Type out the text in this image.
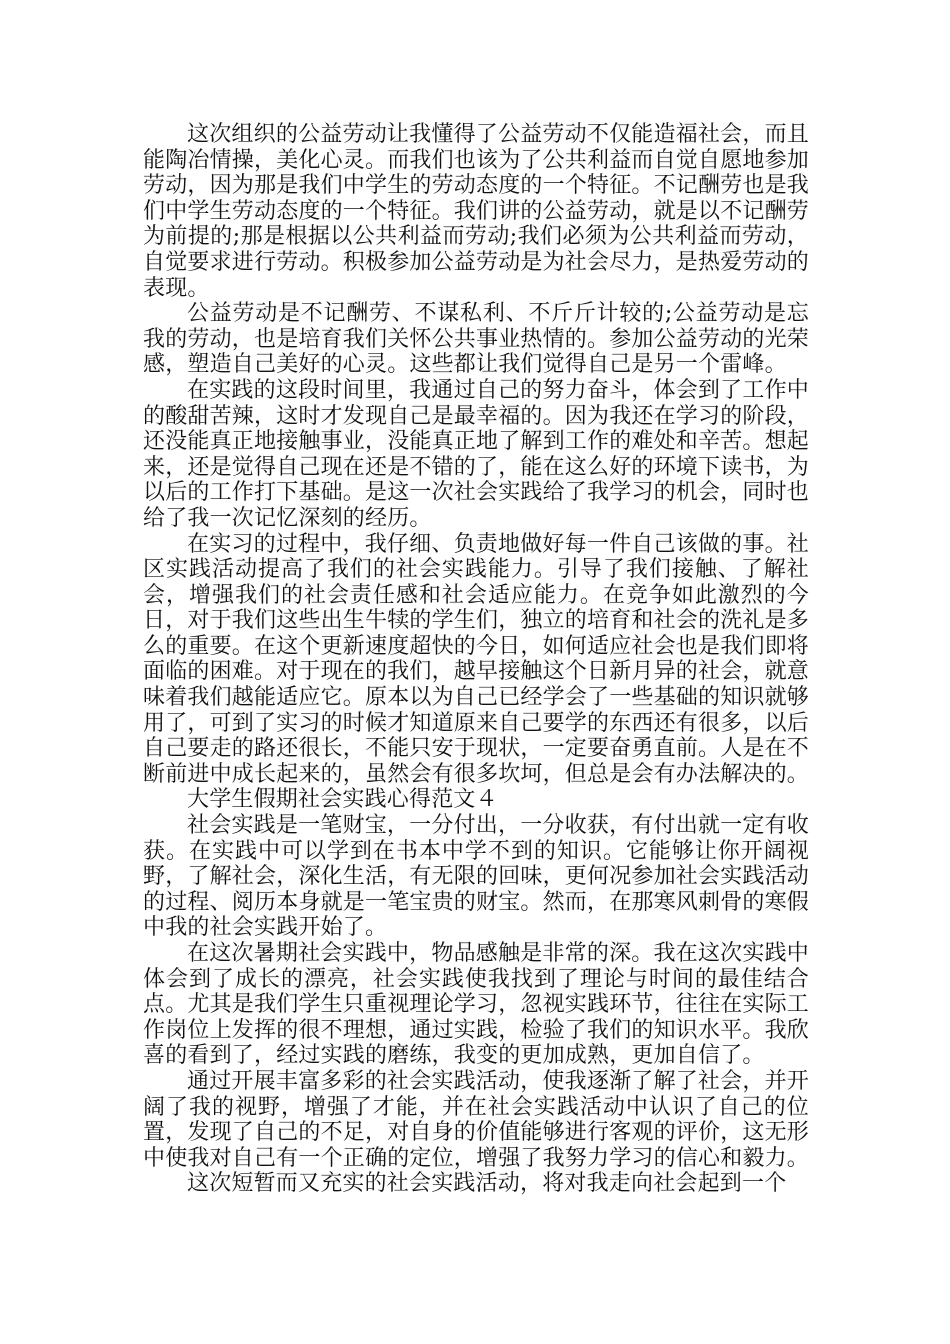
这次组织的公益劳动让我懂得了公益劳动不仅能造福社会，而且能陶冶情操，美化心灵。而我们也该为了公共利益而自觉自愿地参加劳动，因为那是我们中学生的劳动态度的一个特征。不记酬劳也是我们中学生劳动态度的一个特征。我们讲的公益劳动，就是以不记酬劳为前提的;那是根据以公共利益而劳动;我们必须为公共利益而劳动，自觉要求进行劳动。积极参加公益劳动是为社会尽力，是热爱劳动的表现。

公益劳动是不记酬劳、不谋私利、不斤斤计较的;公益劳动是忘我的劳动，也是培育我们关怀公共事业热情的。参加公益劳动的光荣感，塑造自己美好的心灵。这些都让我们觉得自己是另一个雷峰。

在实践的这段时间里，我通过自己的努力奋斗，体会到了工作中的酸甜苦辣，这时才发现自己是最幸福的。因为我还在学习的阶段，还没能真正地接触事业，没能真正地了解到工作的难处和辛苦。想起来，还是觉得自己现在还是不错的了，能在这么好的环境下读书，为以后的工作打下基础。是这一次社会实践给了我学习的机会，同时也给了我一次记忆深刻的经历。

在实习的过程中，我仔细、负责地做好每一件自己该做的事。社区实践活动提高了我们的社会实践能力。引导了我们接触、了解社会，增强我们的社会责任感和社会适应能力。在竞争如此激烈的今日，对于我们这些出生牛犊的学生们，独立的培育和社会的洗礼是多么的重要。在这个更新速度超快的今日，如何适应社会也是我们即将面临的困难。对于现在的我们，越早接触这个日新月异的社会，就意味着我们越能适应它。原本以为自己已经学会了一些基础的知识就够用了，可到了实习的时候才知道原来自己要学的东西还有很多，以后自己要走的路还很长，不能只安于现状，一定要奋勇直前。人是在不断前进中成长起来的，虽然会有很多坎坷，但总是会有办法解决的。

大学生假期社会实践心得范文４

社会实践是一笔财宝，一分付出，一分收获，有付出就一定有收获。在实践中可以学到在书本中学不到的知识。它能够让你开阔视野，了解社会，深化生活，有无限的回味，更何况参加社会实践活动的过程、阅历本身就是一笔宝贵的财宝。然而，在那寒风刺骨的寒假中我的社会实践开始了。

在这次暑期社会实践中，物品感触是非常的深。我在这次实践中体会到了成长的漂亮，社会实践使我找到了理论与时间的最佳结合点。尤其是我们学生只重视理论学习，忽视实践环节，往往在实际工作岗位上发挥的很不理想，通过实践，检验了我们的知识水平。我欣喜的看到了，经过实践的磨练，我变的更加成熟，更加自信了。

通过开展丰富多彩的社会实践活动，使我逐渐了解了社会，并开阔了我的视野，增强了才能，并在社会实践活动中认识了自己的位置，发现了自己的不足，对自身的价值能够进行客观的评价，这无形中使我对自己有一个正确的定位，增强了我努力学习的信心和毅力。

这次短暂而又充实的社会实践活动，将对我走向社会起到一个
